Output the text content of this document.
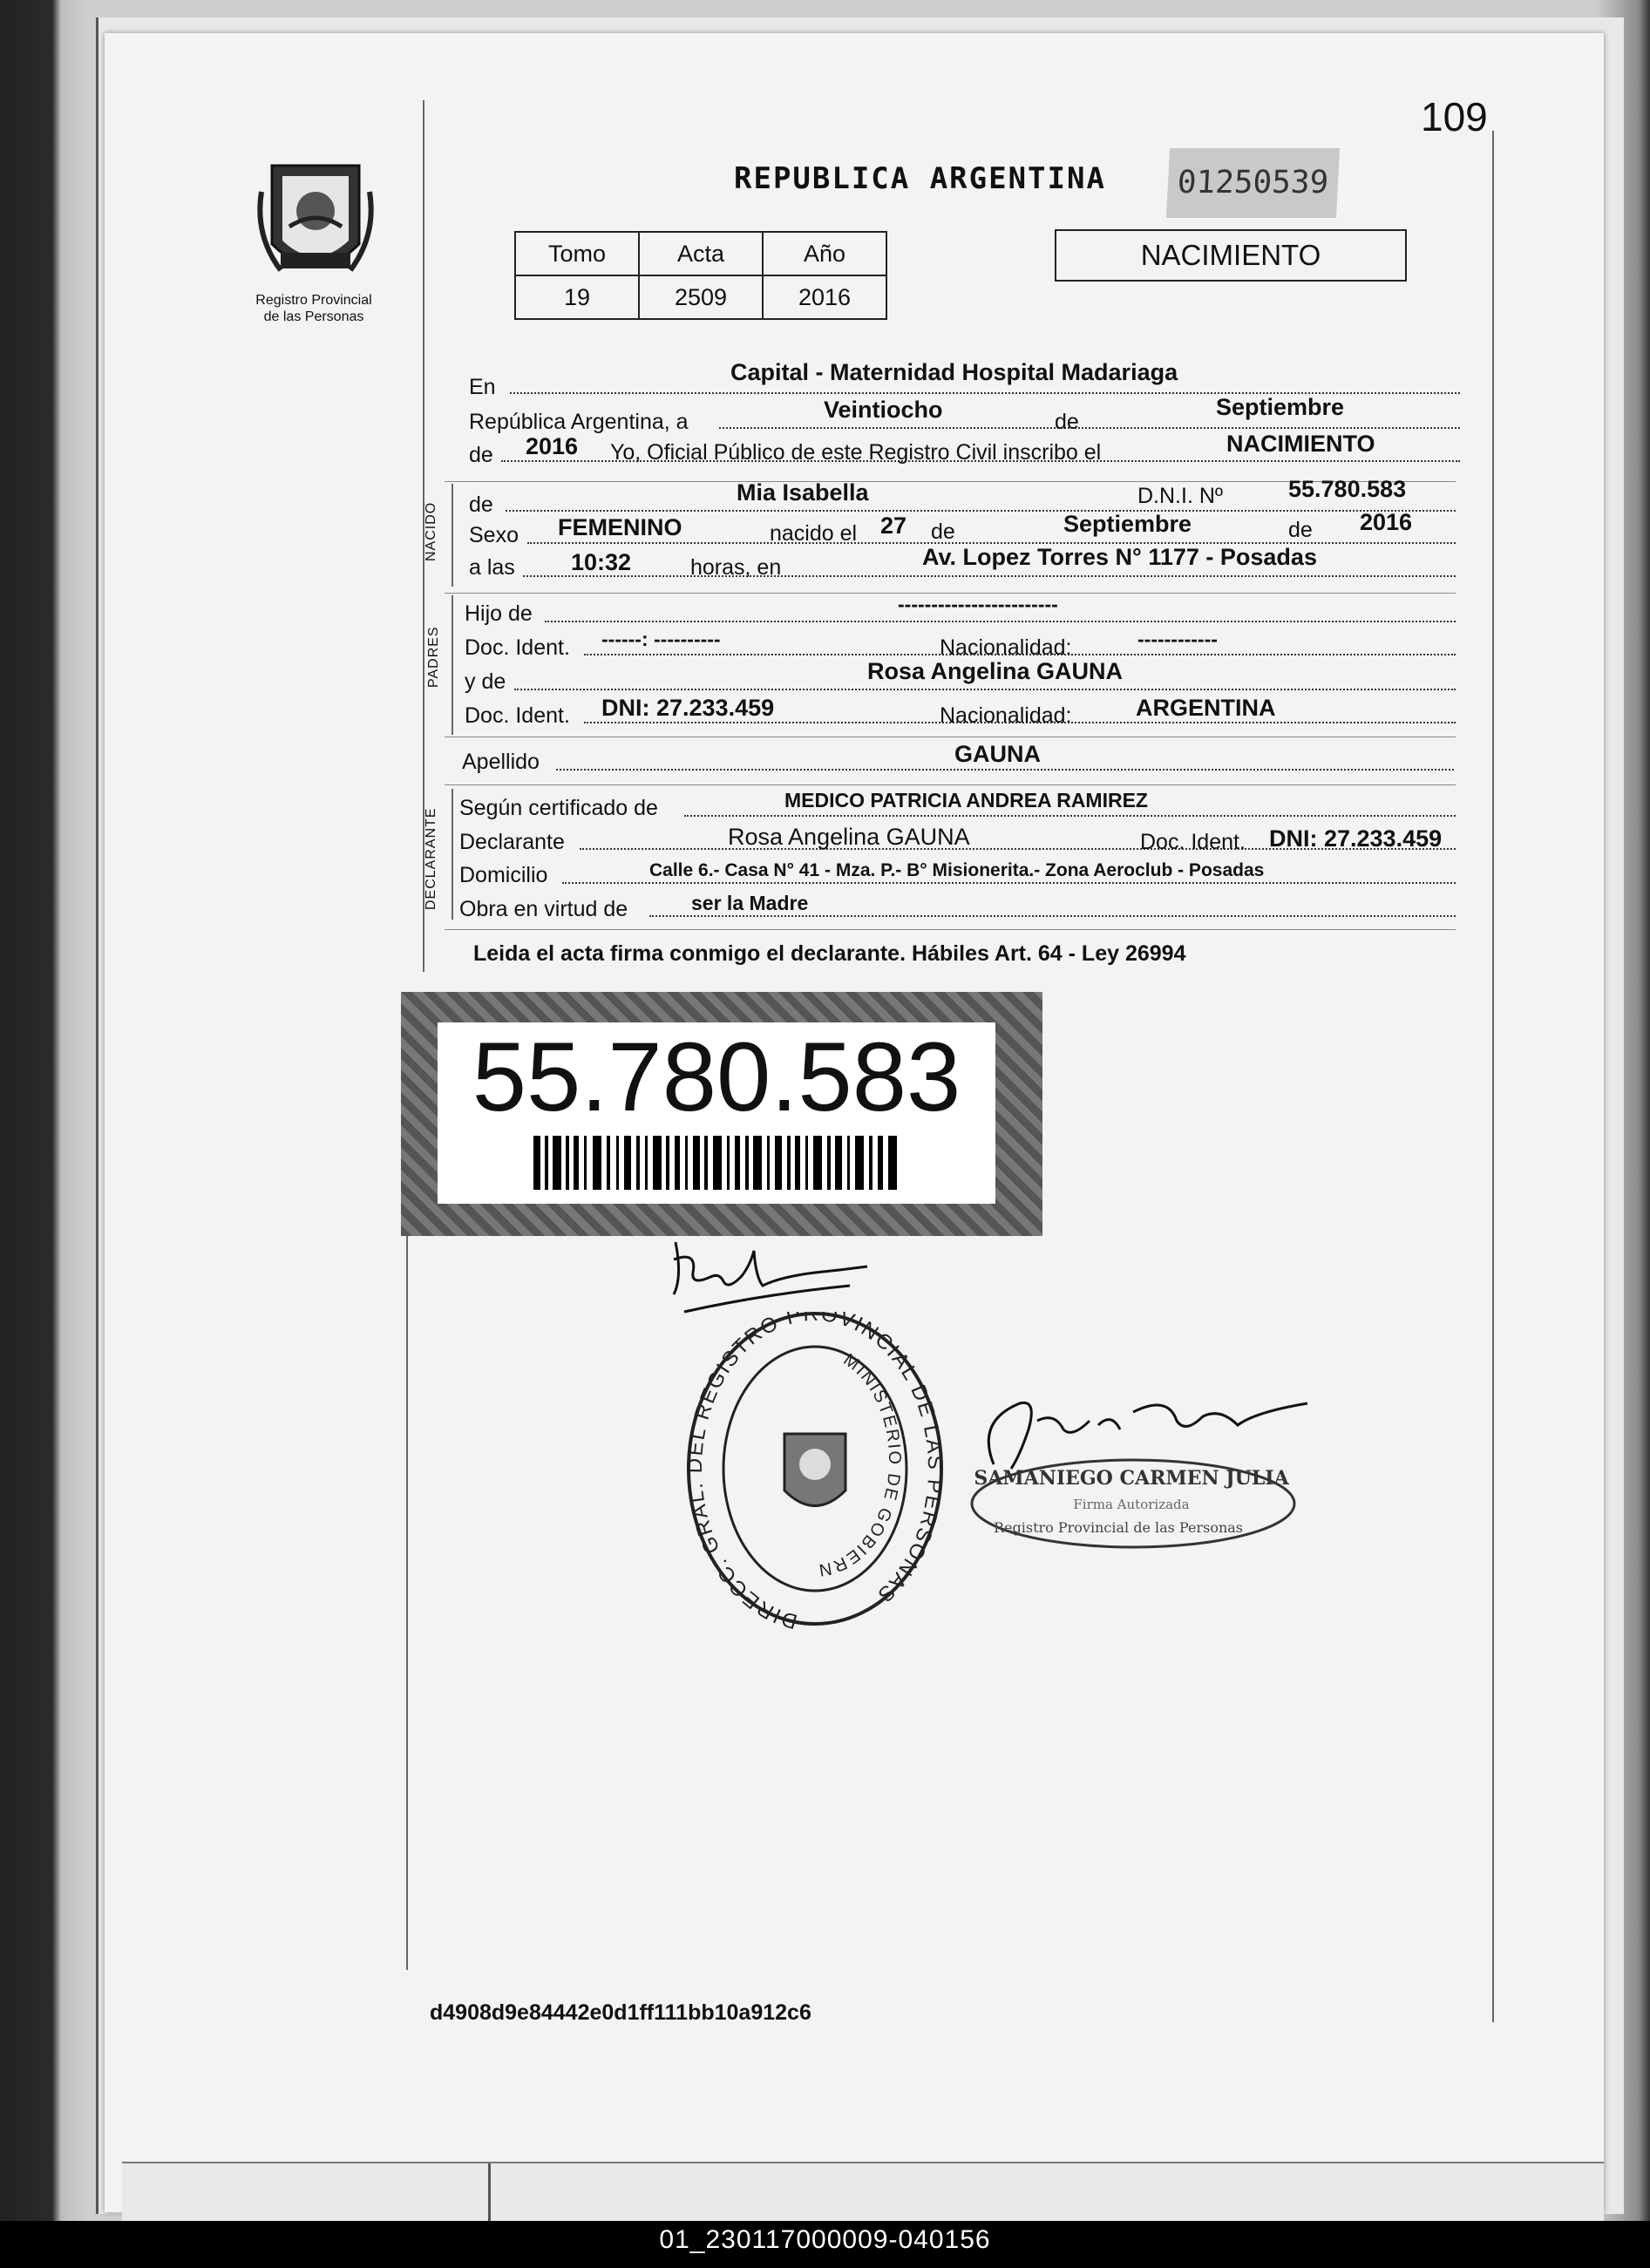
109
Registro Provincial
de las Personas
REPUBLICA ARGENTINA	01250539
Tomo	Acta	Año
19	2509	2016
NACIMIENTO
En
Capital - Maternidad Hospital Madariaga
República Argentina, a	Veintiocho	de
Septiembre
de 2016 Yo, Oficial Público de este Registro Civil inscribo el	NACIMIENTO
NACIDO de	Mia Isabella	D.N.I. Nº	55.780.583
Sexo FEMENINO	nacido el 27 de	Septiembre	de 2016
a las 10:32	horas, en	Av. Lopez Torres N° 1177 - Posadas
PADRES
Hijo de	------------------------
Doc. Ident. ------: ----------	Nacionalidad:	------------
y de	Rosa Angelina GAUNA
Doc. Ident. DNI: 27.233.459	Nacionalidad:	ARGENTINA
Apellido	GAUNA
DECLARANTE Según certificado de	MEDICO PATRICIA ANDREA RAMIREZ
Declarante	Rosa Angelina GAUNA	Doc. Ident. DNI: 27.233.459
Domicilio	Calle 6.- Casa N° 41 - Mza. P.- B° Misionerita.- Zona Aeroclub - Posadas
Obra en virtud de	ser la Madre
Leida el acta firma conmigo el declarante. Hábiles Art. 64 - Ley 26994
55.780.583
DIRECC. GRAL. DEL REGISTRO PROVINCIAL DE LAS PERSONAS
MINISTERIO DE GOBIERN
SAMANIEGO CARMEN JULIA
Firma Autorizada
Registro Provincial de las Personas
d4908d9e84442e0d1ff111bb10a912c6
01_230117000009-040156
